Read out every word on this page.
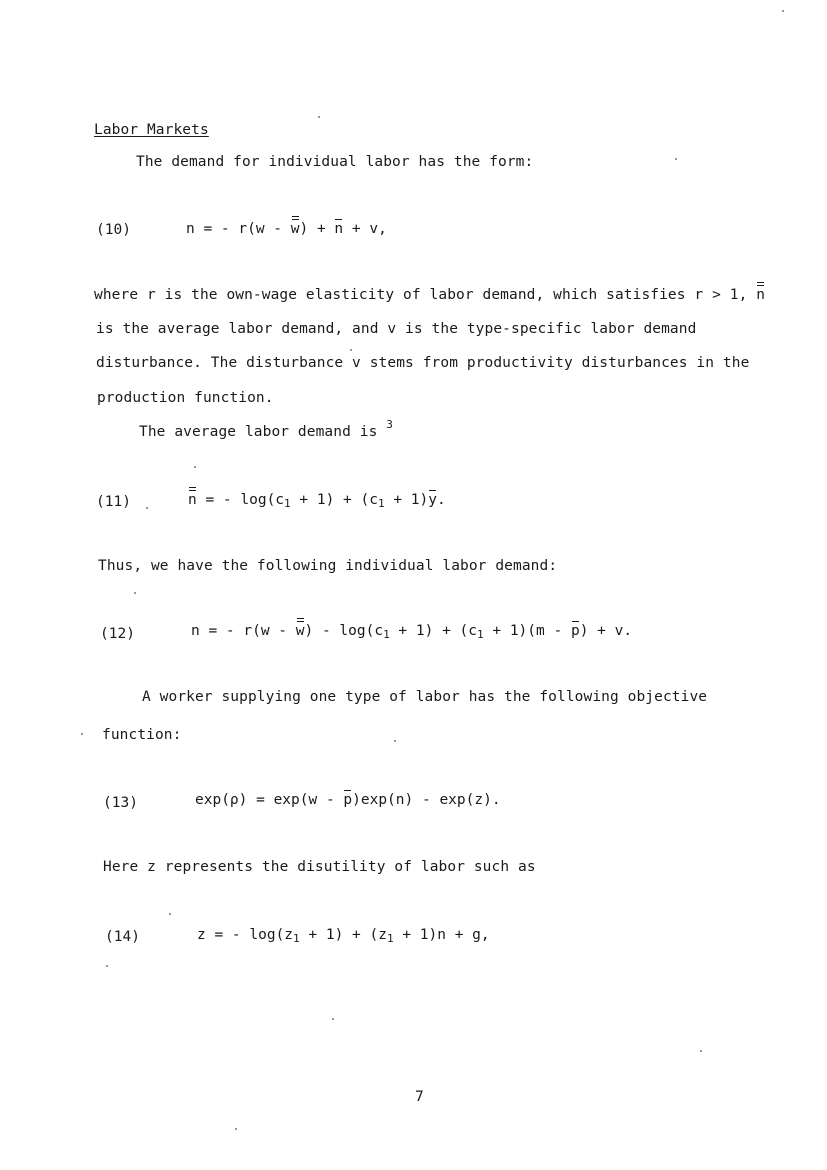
Labor Markets
The demand for individual labor has the form:
(10)	n = - r(w - w) + n + v,
where r is the own-wage elasticity of labor demand, which satisfies r > 1, n
is the average labor demand, and v is the type-specific labor demand
disturbance. The disturbance v stems from productivity disturbances in the
production function.
The average labor demand is $^3$
(11)	n = - $\log(c_1 + 1) + (c_1 + 1)y$.
Thus, we have the following individual labor demand:
(12)	n = - $r(w - w) - \log(c_1 + 1) + (c_1 + 1)(m - p) + v$.
A worker supplying one type of labor has the following objective
function:
(13)	exp(ρ) = exp(w - p)exp(n) - exp(z).
Here z represents the disutility of labor such as
(14)	z = - $\log(z_1 + 1) + (z_1 + 1)n + g$,
7
